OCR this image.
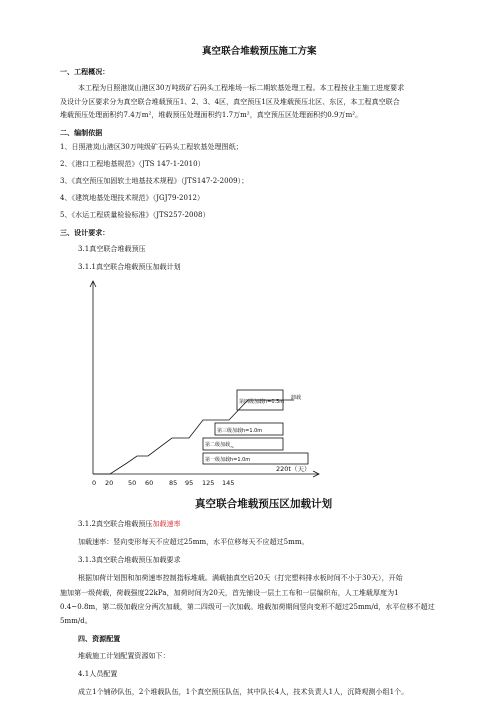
真空联合堆载预压施工方案
一、工程概况：
本工程为日照港岚山港区30万吨级矿石码头工程堆场一标二期软基处理工程。本工程按业主施工进度要求
及设计分区要求分为真空联合堆载预压1、2、3、4区，真空预压1区及堆载预压北区、东区，本工程真空联合
堆载预压处理面积约7.4万m²，堆载预压处理面积约1.7万m²，真空预压区处理面积约0.9万m²。
二、编制依据
1、日照港岚山港区30万吨级矿石码头工程软基处理图纸；
2、《港口工程地基规范》（JTS 147-1-2010）
3、《真空预压加固软土地基技术规程》（JTS147-2-2009）；
4、《建筑地基处理技术规范》（JGJ79-2012）
5、《水运工程质量检验标准》（JTS257-2008）
三、设计要求：
3.1真空联合堆载预压
3.1.1真空联合堆载预压加载计划
第四级加载h=0.5m
卸载
第三级加载h=1.0m
第二级加载 ~
第一级加载h=1.0m
220t（天）
0 20 50 60 85 95 125 145
真空联合堆载预压区加载计划
3.1.2真空联合堆载预压加载速率
加载速率：竖向变形每天不应超过25mm，水平位移每天不应超过5mm。
3.1.3真空联合堆载预压加载要求
根据加荷计划图和加荷速率控制指标堆载。满载抽真空后20天（打完塑料排水板时间不小于30天），开始
施加第一级荷载，荷载强度22kPa，加荷时间为20天，首先铺设一层土工布和一层编织布，人工堆载厚度为1
0.4~0.8m，第二级加载应分两次加载，第二四级可一次加载。堆载加荷期间竖向变形不超过25mm/d，水平位移不超过
5mm/d。
四、资源配置
堆载施工计划配置资源如下：
4.1人员配置
成立1个铺砂队伍，2个堆载队伍，1个真空预压队伍，其中队长4人，技术负责人1人，沉降观测小组1个。
